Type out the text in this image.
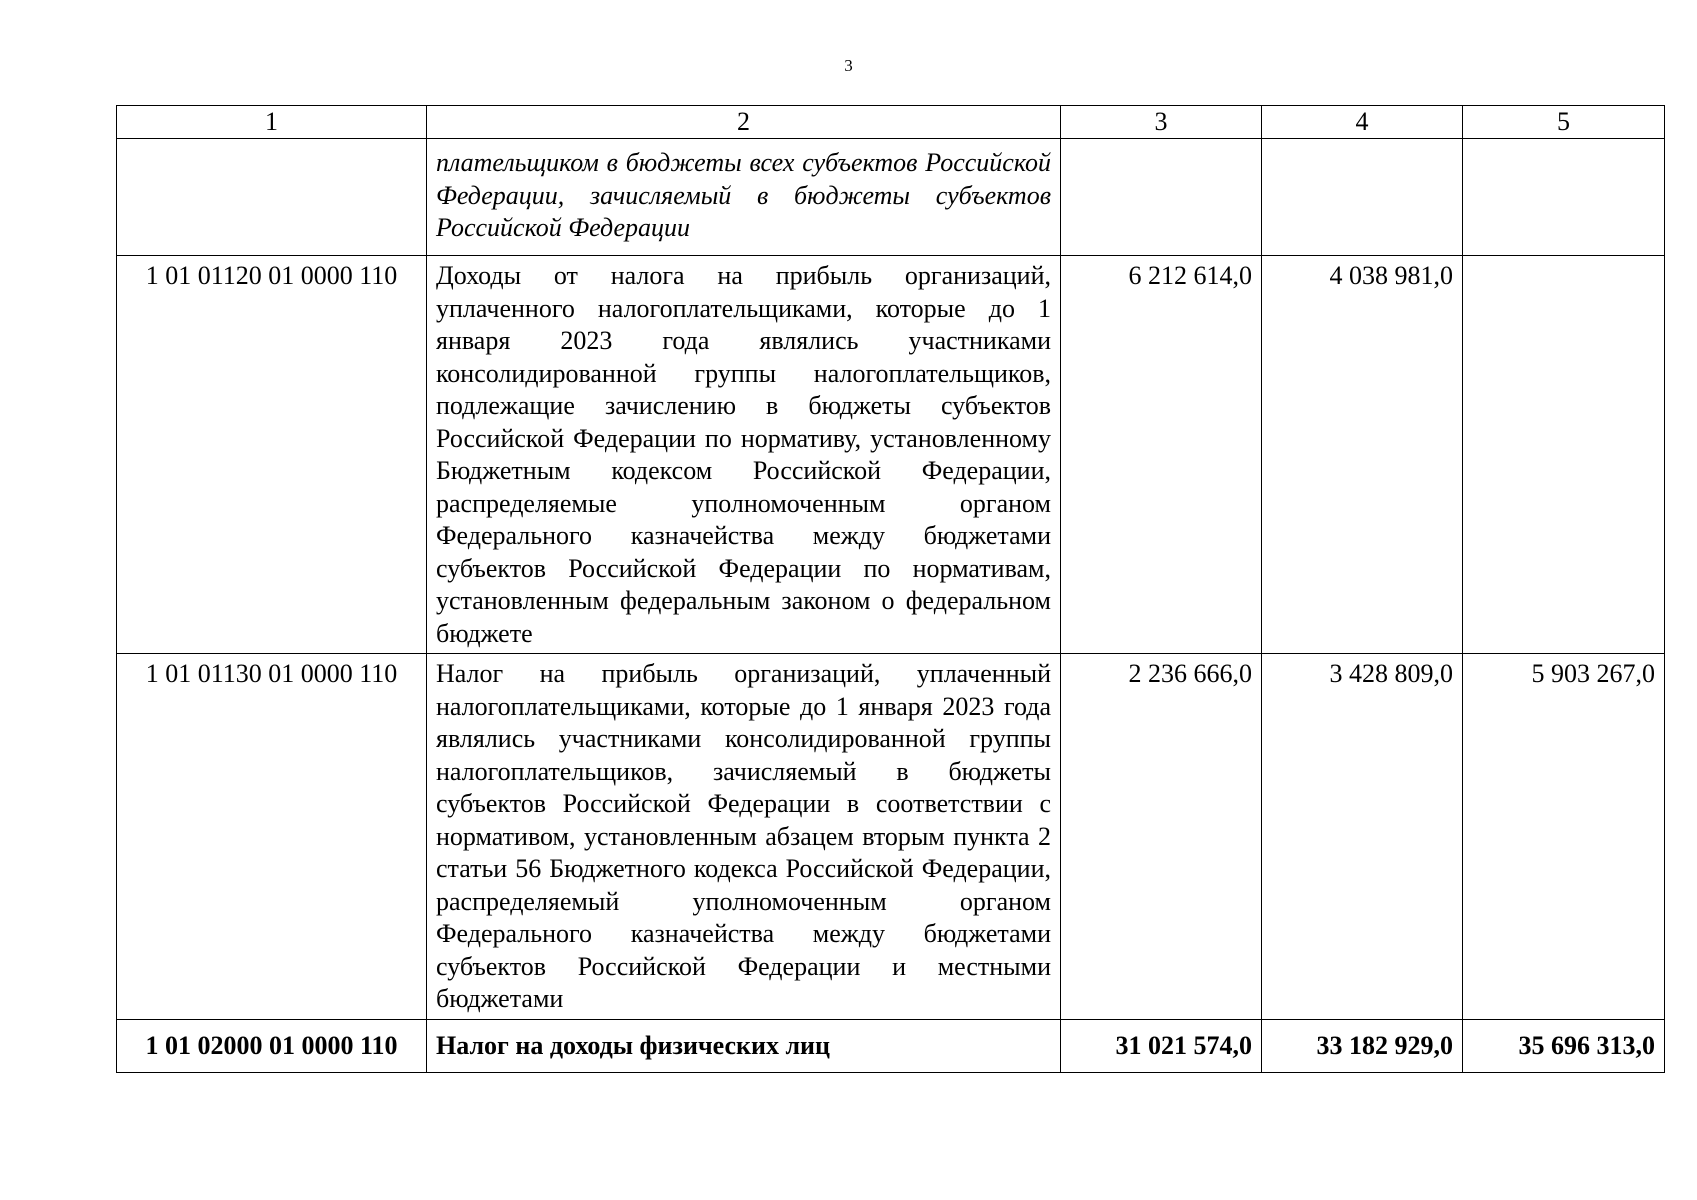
3
1	2	3	4	5
	плательщиком в бюджеты всех субъектов Российской Федерации, зачисляемый в бюджеты субъектов Российской Федерации			
1 01 01120 01 0000 110	Доходы от налога на прибыль организаций, уплаченного налогоплательщиками, которые до 1 января 2023 года являлись участниками консолидированной группы налогоплательщиков, подлежащие зачислению в бюджеты субъектов Российской Федерации по нормативу, установленному Бюджетным кодексом Российской Федерации, распределяемые уполномоченным органом Федерального казначейства между бюджетами субъектов Российской Федерации по нормативам, установленным федеральным законом о федеральном бюджете	6 212 614,0	4 038 981,0	
1 01 01130 01 0000 110	Налог на прибыль организаций, уплаченный налогоплательщиками, которые до 1 января 2023 года являлись участниками консолидированной группы налогоплательщиков, зачисляемый в бюджеты субъектов Российской Федерации в соответствии с нормативом, установленным абзацем вторым пункта 2 статьи 56 Бюджетного кодекса Российской Федерации, распределяемый уполномоченным органом Федерального казначейства между бюджетами субъектов Российской Федерации и местными бюджетами	2 236 666,0	3 428 809,0	5 903 267,0
1 01 02000 01 0000 110	Налог на доходы физических лиц	31 021 574,0	33 182 929,0	35 696 313,0
